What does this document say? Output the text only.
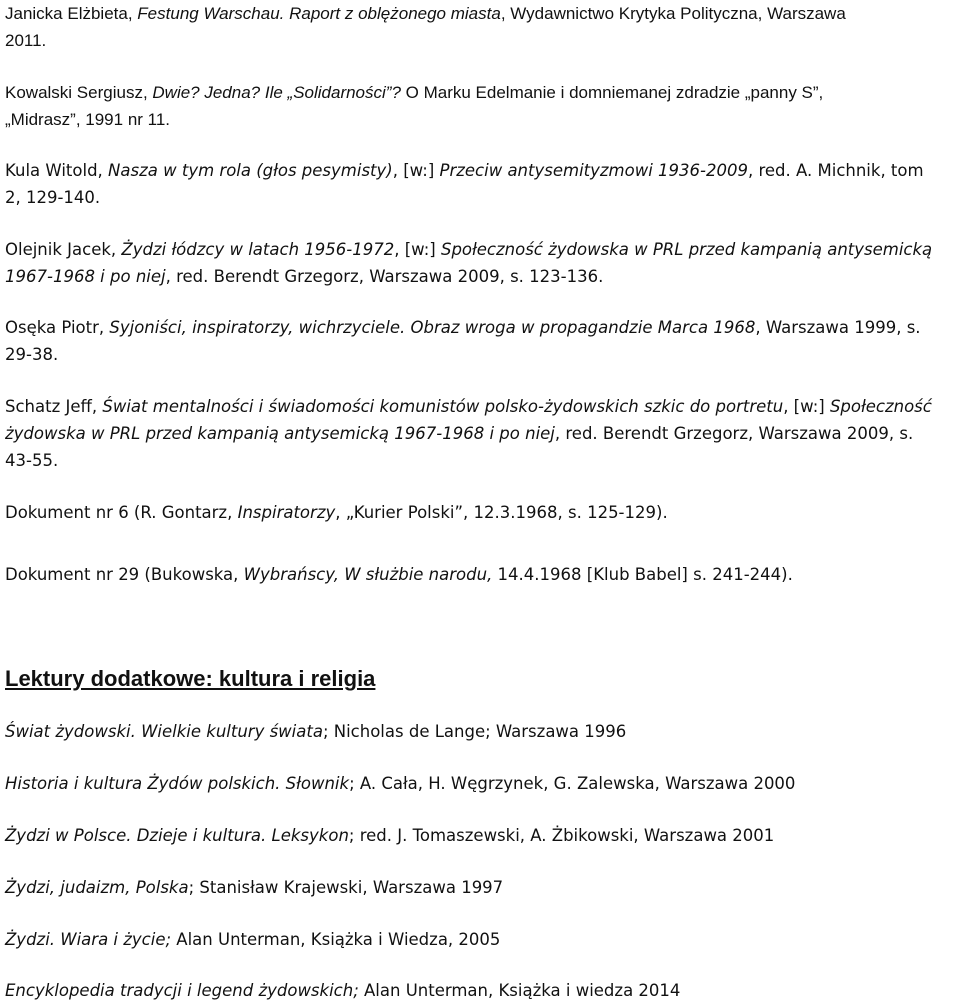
Janicka Elżbieta, Festung Warschau. Raport z oblężonego miasta, Wydawnictwo Krytyka Polityczna, Warszawa
2011.
Kowalski Sergiusz, Dwie? Jedna? Ile „Solidarności”? O Marku Edelmanie i domniemanej zdradzie „panny S”,
„Midrasz”, 1991 nr 11.
Kula Witold, Nasza w tym rola (głos pesymisty), [w:] Przeciw antysemityzmowi 1936-2009, red. A. Michnik, tom
2, 129-140.
Olejnik Jacek, Żydzi łódzcy w latach 1956-1972, [w:] Społeczność żydowska w PRL przed kampanią antysemicką
1967-1968 i po niej, red. Berendt Grzegorz, Warszawa 2009, s. 123-136.
Osęka Piotr, Syjoniści, inspiratorzy, wichrzyciele. Obraz wroga w propagandzie Marca 1968, Warszawa 1999, s.
29-38.
Schatz Jeff, Świat mentalności i świadomości komunistów polsko-żydowskich szkic do portretu, [w:] Społeczność
żydowska w PRL przed kampanią antysemicką 1967-1968 i po niej, red. Berendt Grzegorz, Warszawa 2009, s.
43-55.
Dokument nr 6 (R. Gontarz, Inspiratorzy, „Kurier Polski”, 12.3.1968, s. 125-129).
Dokument nr 29 (Bukowska, Wybrańscy, W służbie narodu, 14.4.1968 [Klub Babel] s. 241-244).
Lektury dodatkowe: kultura i religia
Świat żydowski. Wielkie kultury świata; Nicholas de Lange; Warszawa 1996
Historia i kultura Żydów polskich. Słownik; A. Cała, H. Węgrzynek, G. Zalewska, Warszawa 2000
Żydzi w Polsce. Dzieje i kultura. Leksykon; red. J. Tomaszewski, A. Żbikowski, Warszawa 2001
Żydzi, judaizm, Polska; Stanisław Krajewski, Warszawa 1997
Żydzi. Wiara i życie; Alan Unterman, Książka i Wiedza, 2005
Encyklopedia tradycji i legend żydowskich; Alan Unterman, Książka i wiedza 2014
